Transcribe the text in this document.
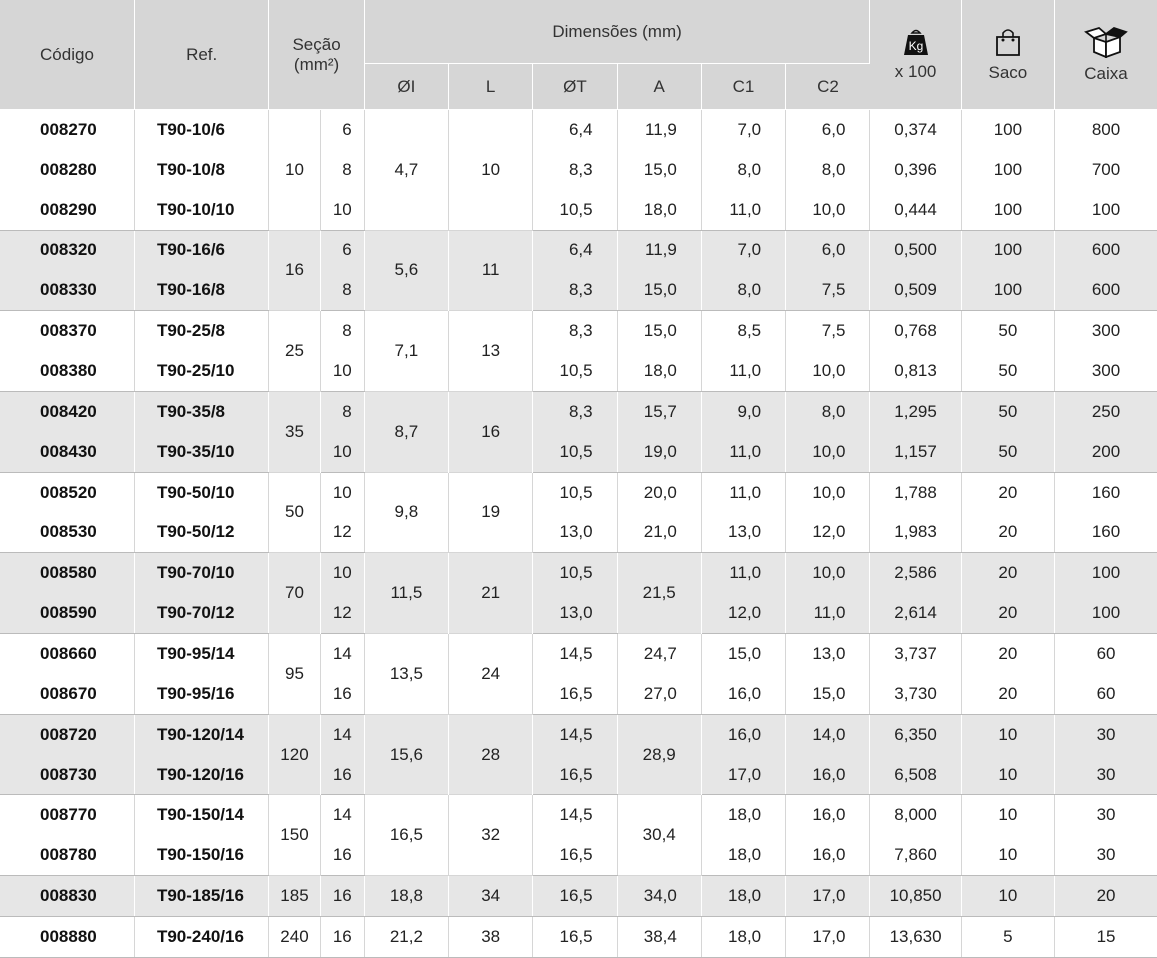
Código	Ref.	Seção
(mm²)		Dimensões (mm)						Kg
x 100	Saco	Caixa

				ØI	L	ØT	A	C1	C2			
008270	T90-10/6	10	6	4,7	10	6,4	11,9	7,0	6,0	0,374	100	800
008280	T90-10/8		8			8,3	15,0	8,0	8,0	0,396	100	700
008290	T90-10/10		10			10,5	18,0	11,0	10,0	0,444	100	100
008320	T90-16/6	16	6	5,6	11	6,4	11,9	7,0	6,0	0,500	100	600
008330	T90-16/8		8			8,3	15,0	8,0	7,5	0,509	100	600
008370	T90-25/8	25	8	7,1	13	8,3	15,0	8,5	7,5	0,768	50	300
008380	T90-25/10		10			10,5	18,0	11,0	10,0	0,813	50	300
008420	T90-35/8	35	8	8,7	16	8,3	15,7	9,0	8,0	1,295	50	250
008430	T90-35/10		10			10,5	19,0	11,0	10,0	1,157	50	200
008520	T90-50/10	50	10	9,8	19	10,5	20,0	11,0	10,0	1,788	20	160
008530	T90-50/12		12			13,0	21,0	13,0	12,0	1,983	20	160
008580	T90-70/10	70	10	11,5	21	10,5	21,5	11,0	10,0	2,586	20	100
008590	T90-70/12		12			13,0		12,0	11,0	2,614	20	100
008660	T90-95/14	95	14	13,5	24	14,5	24,7	15,0	13,0	3,737	20	60
008670	T90-95/16		16			16,5	27,0	16,0	15,0	3,730	20	60
008720	T90-120/14	120	14	15,6	28	14,5	28,9	16,0	14,0	6,350	10	30
008730	T90-120/16		16			16,5		17,0	16,0	6,508	10	30
008770	T90-150/14	150	14	16,5	32	14,5	30,4	18,0	16,0	8,000	10	30
008780	T90-150/16		16			16,5		18,0	16,0	7,860	10	30
008830	T90-185/16	185	16	18,8	34	16,5	34,0	18,0	17,0	10,850	10	20
008880	T90-240/16	240	16	21,2	38	16,5	38,4	18,0	17,0	13,630	5	15
